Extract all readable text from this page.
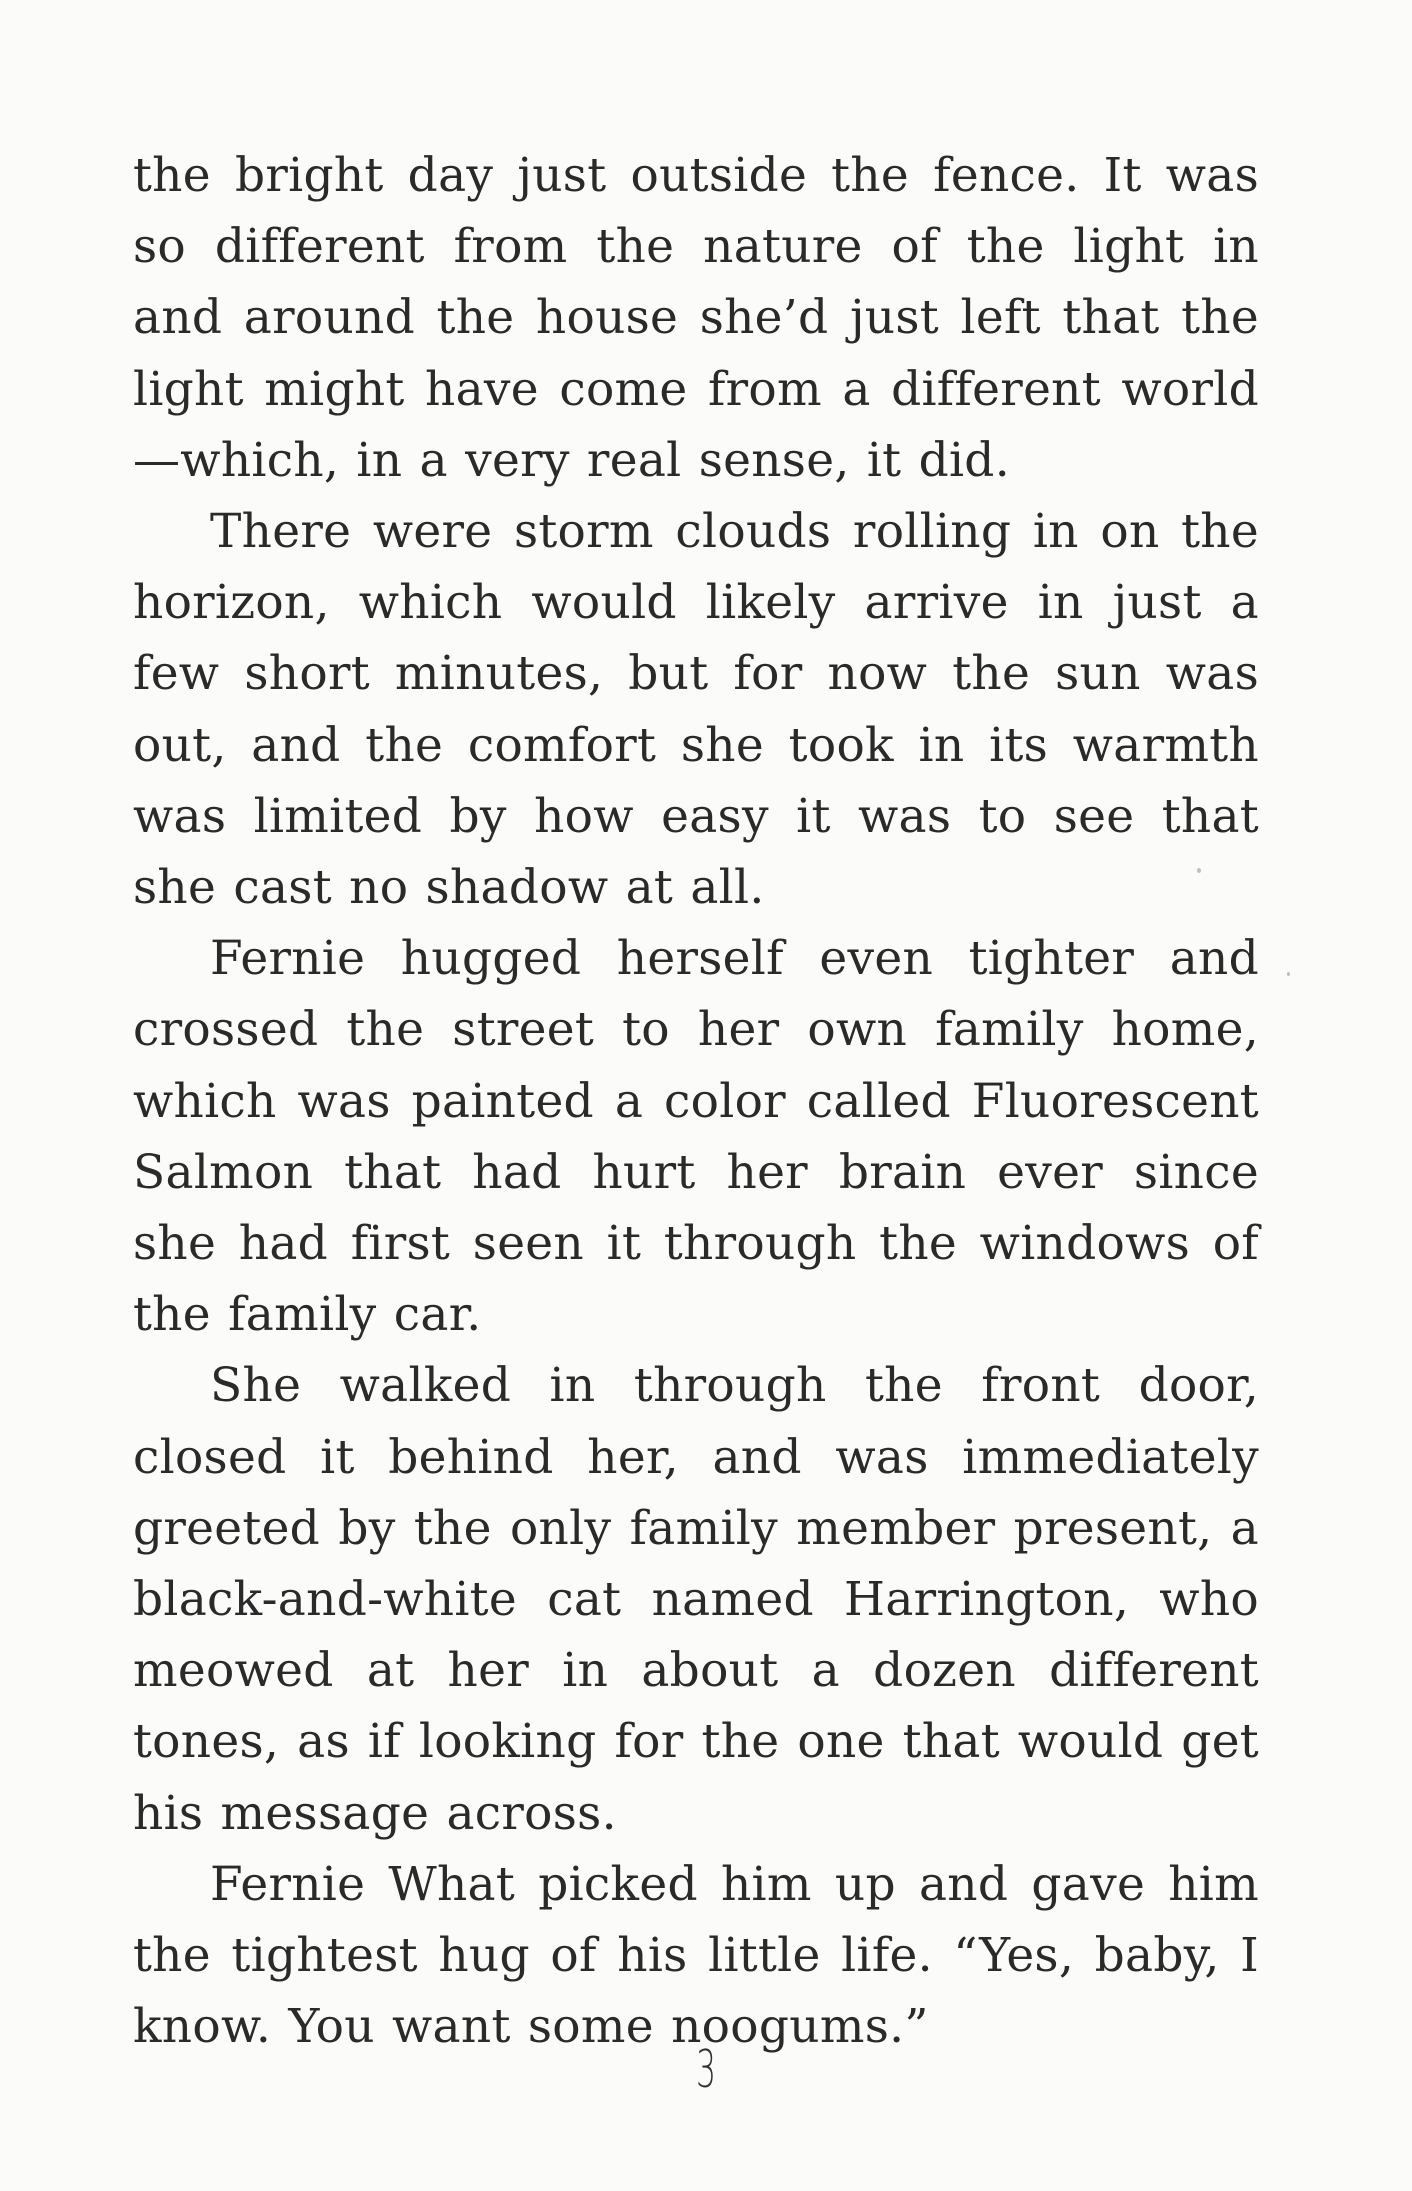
the bright day just outside the fence. It was so different from the nature of the light in and around the house she’d just left that the light might have come from a different world—which, in a very real sense, it did.

There were storm clouds rolling in on the horizon, which would likely arrive in just a few short minutes, but for now the sun was out, and the comfort she took in its warmth was limited by how easy it was to see that she cast no shadow at all.

Fernie hugged herself even tighter and crossed the street to her own family home, which was painted a color called Fluorescent Salmon that had hurt her brain ever since she had first seen it through the windows of the family car.

She walked in through the front door, closed it behind her, and was immediately greeted by the only family member present, a black-and-white cat named Harrington, who meowed at her in about a dozen different tones, as if looking for the one that would get his message across.

Fernie What picked him up and gave him the tightest hug of his little life. “Yes, baby, I know. You want some noogums.”

3
